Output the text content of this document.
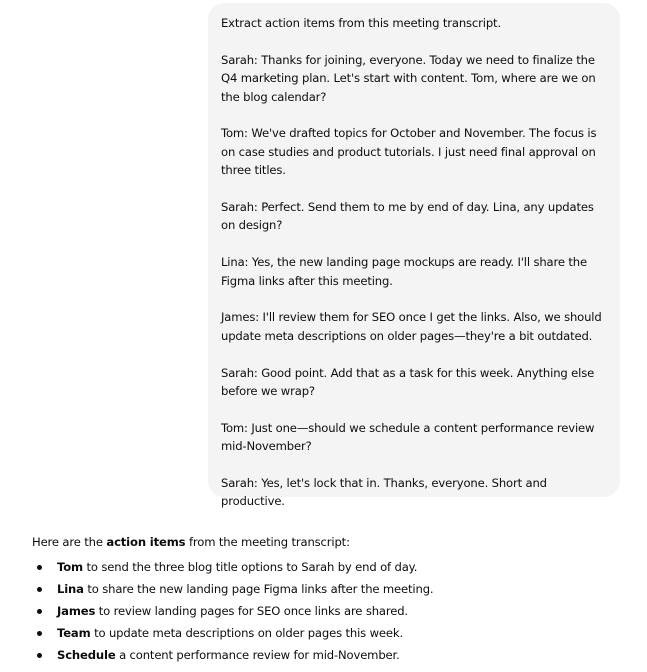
Extract action items from this meeting transcript.

Sarah: Thanks for joining, everyone. Today we need to finalize the Q4 marketing plan. Let's start with content. Tom, where are we on the blog calendar?

Tom: We've drafted topics for October and November. The focus is on case studies and product tutorials. I just need final approval on three titles.

Sarah: Perfect. Send them to me by end of day. Lina, any updates on design?

Lina: Yes, the new landing page mockups are ready. I'll share the Figma links after this meeting.

James: I'll review them for SEO once I get the links. Also, we should update meta descriptions on older pages—they're a bit outdated.

Sarah: Good point. Add that as a task for this week. Anything else before we wrap?

Tom: Just one—should we schedule a content performance review mid-November?

Sarah: Yes, let's lock that in. Thanks, everyone. Short and productive.

Here are the action items from the meeting transcript:
Tom to send the three blog title options to Sarah by end of day.
Lina to share the new landing page Figma links after the meeting.
James to review landing pages for SEO once links are shared.
Team to update meta descriptions on older pages this week.
Schedule a content performance review for mid-November.
